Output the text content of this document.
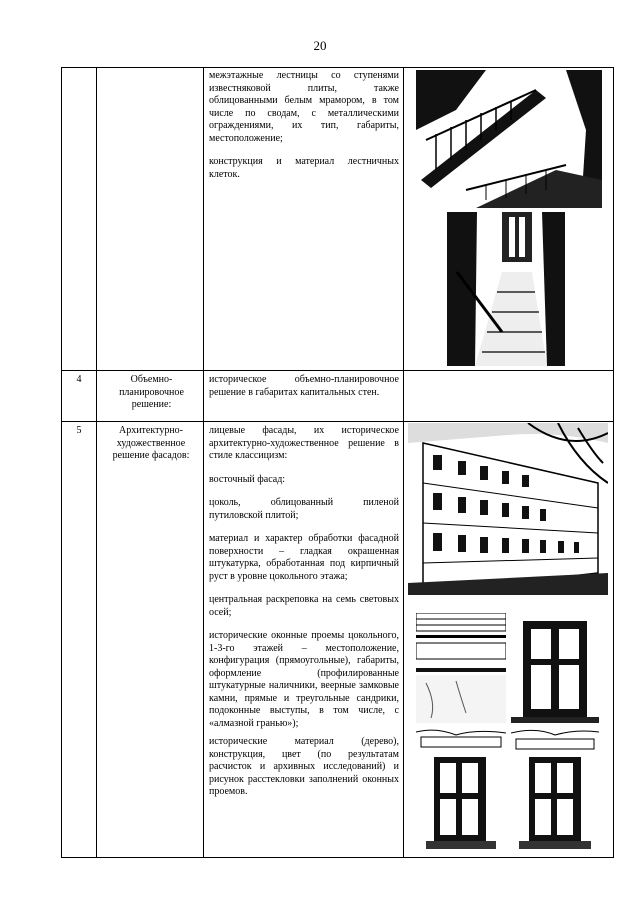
20

межэтажные лестницы со ступенями известняковой плиты, также облицованными белым мрамором, в том числе по сводам, с металлическими ограждениями, их тип, габариты, местоположение;

конструкция и материал лестничных клеток.

4	Объемно-планировочное решение:

историческое объемно-планировочное решение в габаритах капитальных стен.

5	Архитектурно-художественное решение фасадов:

лицевые фасады, их историческое архитектурно-художественное решение в стиле классицизм:

восточный фасад:

цоколь, облицованный пиленой путиловской плитой;

материал и характер обработки фасадной поверхности – гладкая окрашенная штукатурка, обработанная под кирпичный руст в уровне цокольного этажа;

центральная раскреповка на семь световых осей;

исторические оконные проемы цокольного, 1-3-го этажей – местоположение, конфигурация (прямоугольные), габариты, оформление (профилированные штукатурные наличники, веерные замковые камни, прямые и треугольные сандрики, подоконные выступы, в том числе, с «алмазной гранью»);

исторические материал (дерево), конструкция, цвет (по результатам расчисток и архивных исследований) и рисунок расстекловки заполнений оконных проемов.
